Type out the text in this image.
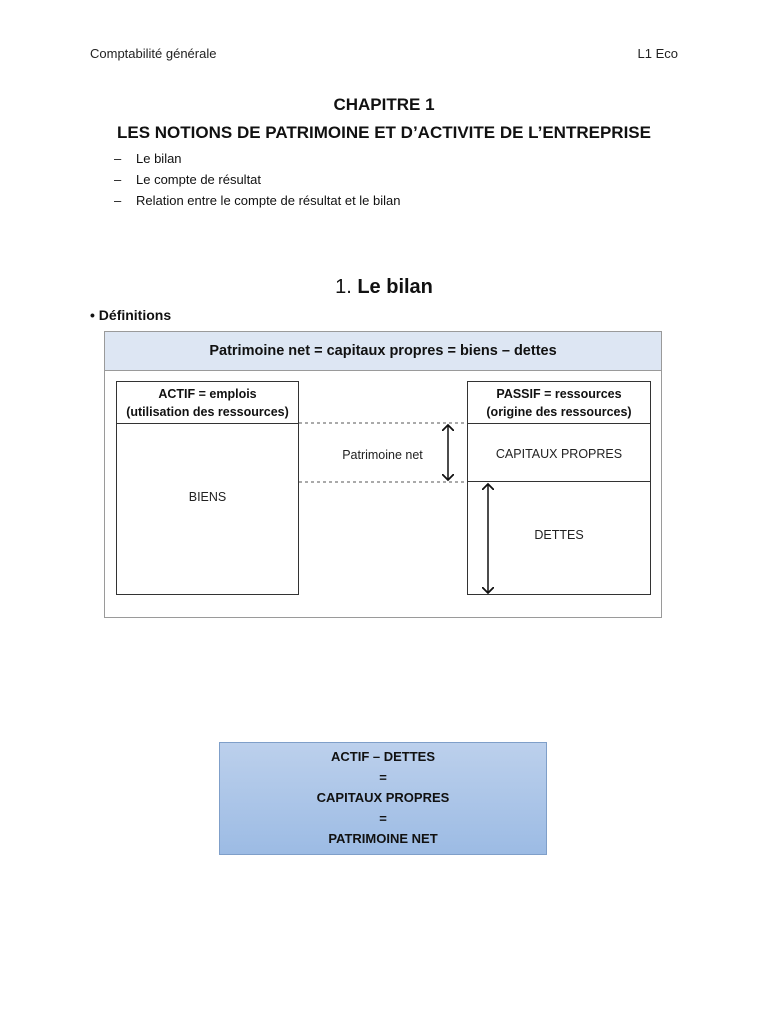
Comptabilité générale	L1 Eco
CHAPITRE 1
LES NOTIONS DE PATRIMOINE ET D’ACTIVITE DE L’ENTREPRISE
–	Le bilan
–	Le compte de résultat
–	Relation entre le compte de résultat et le bilan
1. Le bilan
• Définitions
Patrimoine net = capitaux propres = biens – dettes
ACTIF = emplois
(utilisation des ressources)
BIENS
PASSIF = ressources
(origine des ressources)
CAPITAUX PROPRES
DETTES
Patrimoine net
ACTIF – DETTES
=
CAPITAUX PROPRES
=
PATRIMOINE NET
